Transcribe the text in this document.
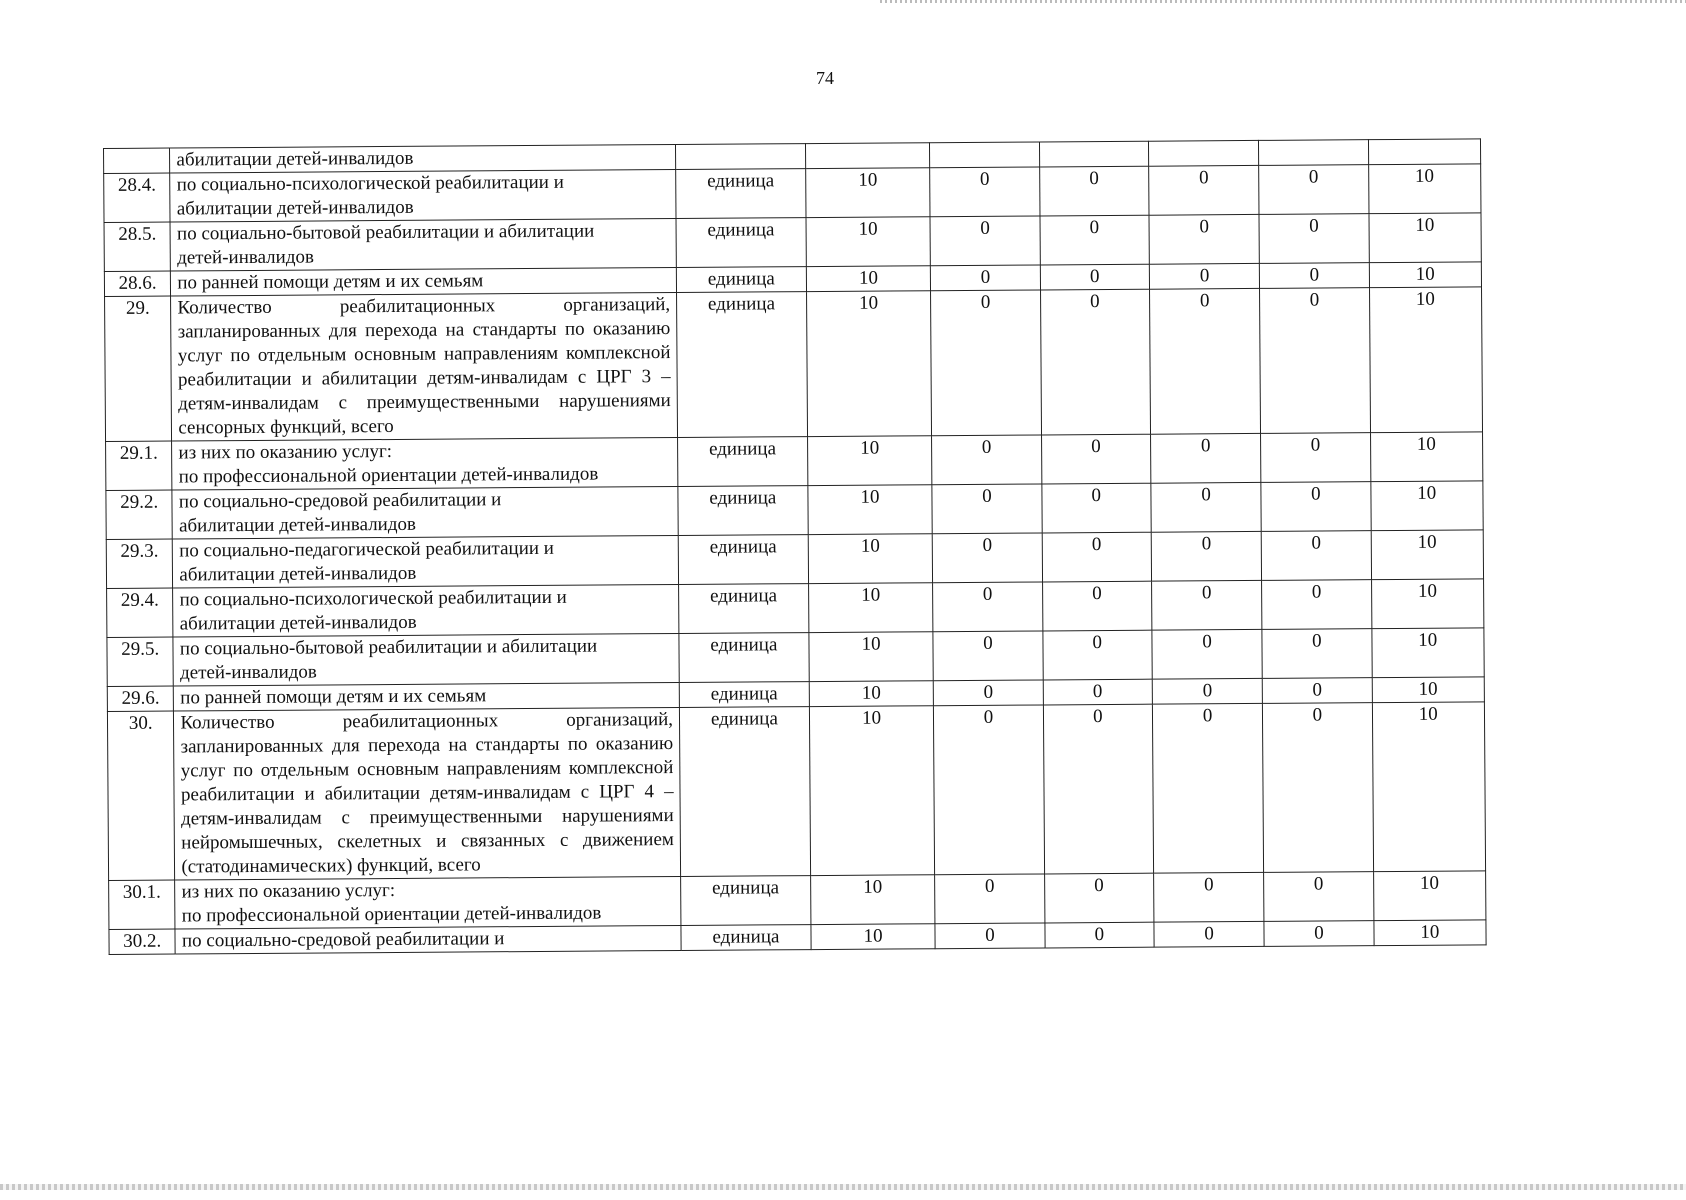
74

	абилитации детей-инвалидов							

28.4.	по социально-психологической реабилитации и
абилитации детей-инвалидов	единица	10	0	0	0	0	10
28.5.	по социально-бытовой реабилитации и абилитации
детей-инвалидов	единица	10	0	0	0	0	10
28.6.	по ранней помощи детям и их семьям	единица	10	0	0	0	0	10
29.	Количество реабилитационных организаций, запланированных для перехода на стандарты по оказанию услуг по отдельным основным направлениям комплексной реабилитации и абилитации детям-инвалидам с ЦРГ 3 – детям-инвалидам с преимущественными нарушениями сенсорных функций, всего	единица	10	0	0	0	0	10
29.1.	из них по оказанию услуг:
по профессиональной ориентации детей-инвалидов	единица	10	0	0	0	0	10
29.2.	по социально-средовой реабилитации и
абилитации детей-инвалидов	единица	10	0	0	0	0	10
29.3.	по социально-педагогической реабилитации и
абилитации детей-инвалидов	единица	10	0	0	0	0	10
29.4.	по социально-психологической реабилитации и
абилитации детей-инвалидов	единица	10	0	0	0	0	10
29.5.	по социально-бытовой реабилитации и абилитации
детей-инвалидов	единица	10	0	0	0	0	10
29.6.	по ранней помощи детям и их семьям	единица	10	0	0	0	0	10
30.	Количество реабилитационных организаций, запланированных для перехода на стандарты по оказанию услуг по отдельным основным направлениям комплексной реабилитации и абилитации детям-инвалидам с ЦРГ 4 – детям-инвалидам с преимущественными нарушениями нейромышечных, скелетных и связанных с движением (статодинамических) функций, всего	единица	10	0	0	0	0	10
30.1.	из них по оказанию услуг:
по профессиональной ориентации детей-инвалидов	единица	10	0	0	0	0	10
30.2.	по социально-средовой реабилитации и	единица	10	0	0	0	0	10
